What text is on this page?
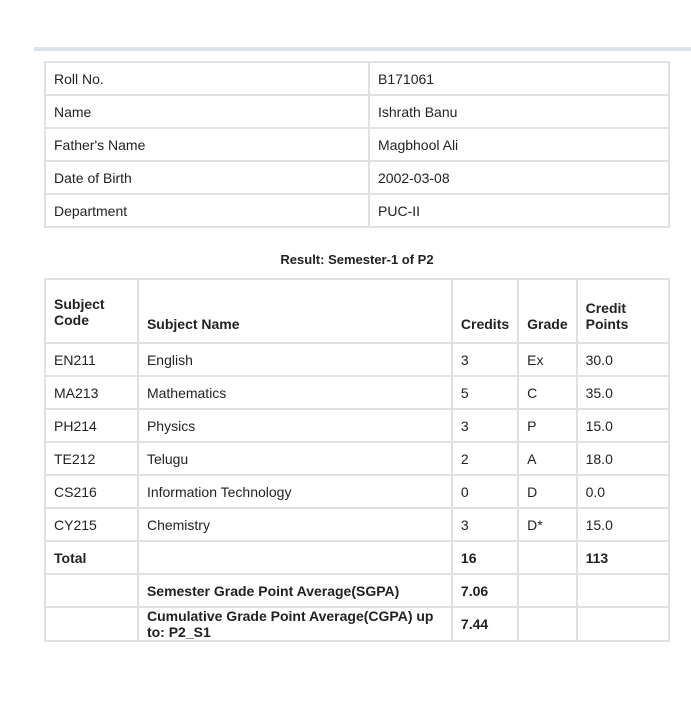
Roll No.	B171061
Name	Ishrath Banu
Father's Name	Magbhool Ali
Date of Birth	2002-03-08
Department	PUC-II
Result: Semester-1 of P2
Subject
Code	Subject Name	Credits	Grade	Credit Points
EN211	English	3	Ex	30.0
MA213	Mathematics	5	C	35.0
PH214	Physics	3	P	15.0
TE212	Telugu	2	A	18.0
CS216	Information Technology	0	D	0.0
CY215	Chemistry	3	D*	15.0
Total		16		113
	Semester Grade Point Average(SGPA)	7.06		
	Cumulative Grade Point Average(CGPA) up to: P2_S1	7.44		
